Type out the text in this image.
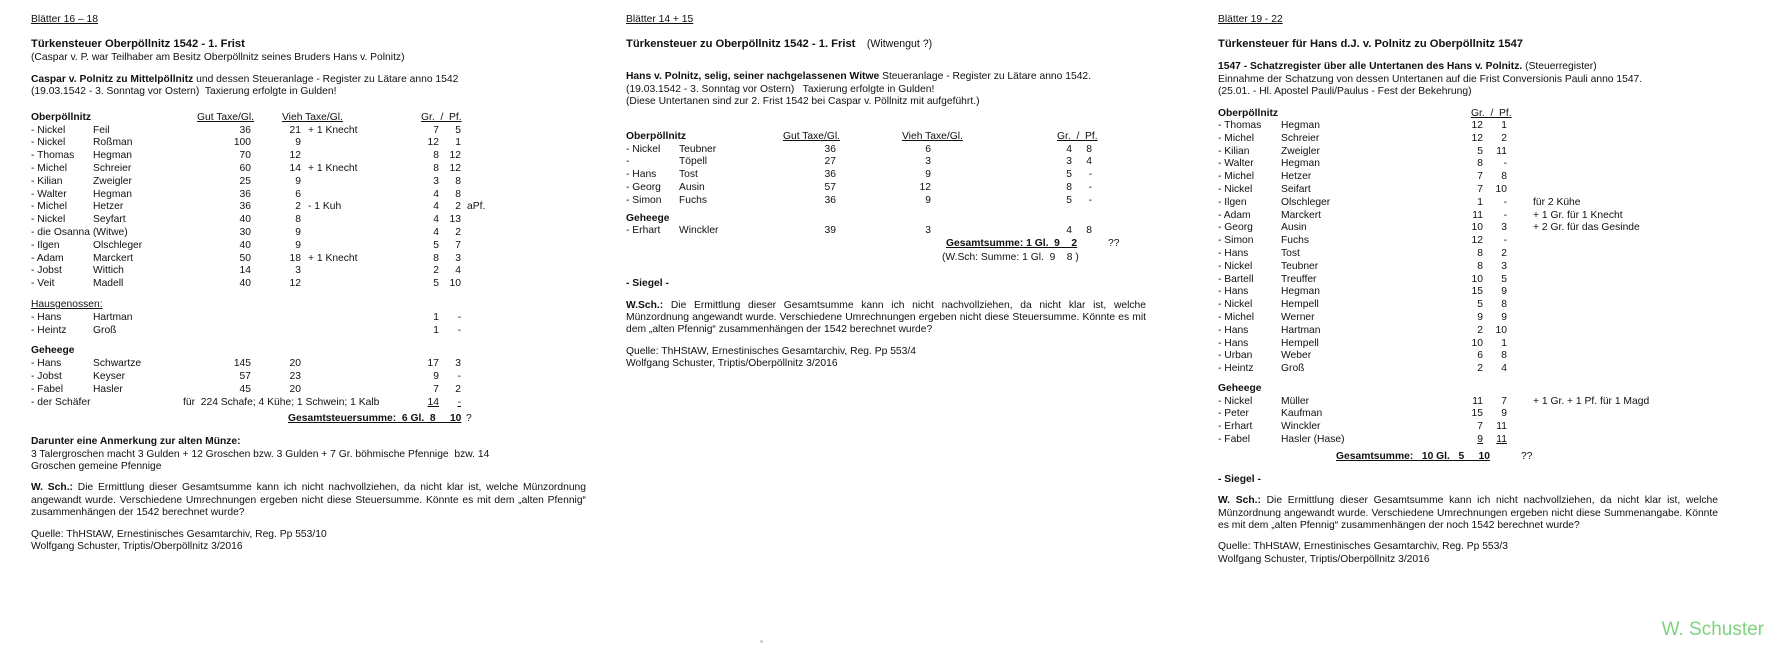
Blätter 16 – 18
Türkensteuer Oberpöllnitz 1542 - 1. Frist
(Caspar v. P. war Teilhaber am Besitz Oberpöllnitz seines Bruders Hans v. Polnitz)
Caspar v. Polnitz zu Mittelpöllnitz und dessen Steueranlage - Register zu Lätare anno 1542
(19.03.1542 - 3. Sonntag vor Ostern)  Taxierung erfolgte in Gulden!
Oberpöllnitz	Gut Taxe/Gl.	Vieh Taxe/Gl.	Gr.  /  Pf.
- Nickel	Feil	36	21 + 1 Knecht	7	5
- Nickel	Roßman	100	9	12	1
- Thomas Hegman	70	12	8	12
- Michel	Schreier	60	14 + 1 Knecht	8	12
- Kilian	Zweigler	25	9	3	8
- Walter	Hegman	36	6	4	8
- Michel	Hetzer	36	2 - 1 Kuh	4	2 aPf.
- Nickel	Seyfart	40	8	4	13
- die Osanna (Witwe)	30	9	4	2
- Ilgen	Olschleger	40	9	5	7
- Adam	Marckert	50	18 + 1 Knecht	8	3
- Jobst	Wittich	14	3	2	4
- Veit	Madell	40	12	5	10
Hausgenossen:
- Hans	Hartman	1	-
- Heintz	Groß	1	-
Geheege
- Hans	Schwartze	145	20	17	3
- Jobst	Keyser	57	23	9	-
- Fabel	Hasler	45	20	7	2
- der Schäfer	für  224 Schafe; 4 Kühe; 1 Schwein; 1 Kalb	14	-
Gesamtsteuersumme:  6 Gl.  8     10 ?
Darunter eine Anmerkung zur alten Münze:
3 Talergroschen macht 3 Gulden + 12 Groschen bzw. 3 Gulden + 7 Gr. böhmische Pfennige  bzw. 14
Groschen gemeine Pfennige
W. Sch.: Die Ermittlung dieser Gesamtsumme kann ich nicht nachvollziehen, da nicht klar ist, welche Münzordnung angewandt wurde. Verschiedene Umrechnungen ergeben nicht diese Steuersumme. Könnte es mit dem „alten Pfennig“ zusammenhängen der 1542 berechnet wurde?
Quelle: ThHStAW, Ernestinisches Gesamtarchiv, Reg. Pp 553/10
Wolfgang Schuster, Triptis/Oberpöllnitz 3/2016
Blätter 14 + 15
Türkensteuer zu Oberpöllnitz 1542 - 1. Frist (Witwengut ?)
Hans v. Polnitz, selig, seiner nachgelassenen Witwe Steueranlage - Register zu Lätare anno 1542.
(19.03.1542 - 3. Sonntag vor Ostern)   Taxierung erfolgte in Gulden!
(Diese Untertanen sind zur 2. Frist 1542 bei Caspar v. Pöllnitz mit aufgeführt.)
Oberpöllnitz	Gut Taxe/Gl.	Vieh Taxe/Gl.	Gr.  /  Pf.
- Nickel Teubner	36	6	4	8
-	Töpell	27	3	3	4
- Hans Tost	36	9	5	-
- Georg Ausin	57	12	8	-
- Simon Fuchs	36	9	5	-
Geheege
- Erhart Winckler	39	3	4	8
Gesamtsumme: 1 Gl.  9    2	??
(W.Sch: Summe: 1 Gl.  9    8 )
- Siegel -
W.Sch.: Die Ermittlung dieser Gesamtsumme kann ich nicht nachvollziehen, da nicht klar ist, welche Münzordnung angewandt wurde. Verschiedene Umrechnungen ergeben nicht diese Steuersumme. Könnte es mit dem „alten Pfennig“ zusammenhängen der 1542 berechnet wurde?
Quelle: ThHStAW, Ernestinisches Gesamtarchiv, Reg. Pp 553/4
Wolfgang Schuster, Triptis/Oberpöllnitz 3/2016
Blätter 19 - 22
Türkensteuer für Hans d.J. v. Polnitz zu Oberpöllnitz 1547
1547 - Schatzregister über alle Untertanen des Hans v. Polnitz. (Steuerregister)
Einnahme der Schatzung von dessen Untertanen auf die Frist Conversionis Pauli anno 1547.
(25.01. - Hl. Apostel Pauli/Paulus - Fest der Bekehrung)
Oberpöllnitz	Gr.  /  Pf.
- Thomas Hegman	12	1
- Michel	Schreier	12	2
- Kilian	Zweigler	5	11
- Walter	Hegman	8	-
- Michel	Hetzer	7	8
- Nickel	Seifart	7	10
- Ilgen	Olschleger	1	-	für 2 Kühe
- Adam	Marckert	11	-	+ 1 Gr. für 1 Knecht
- Georg	Ausin	10	3	+ 2 Gr. für das Gesinde
- Simon	Fuchs	12	-
- Hans	Tost	8	2
- Nickel	Teubner	8	3
- Bartell	Treuffer	10	5
- Hans	Hegman	15	9
- Nickel	Hempell	5	8
- Michel	Werner	9	9
- Hans	Hartman	2	10
- Hans	Hempell	10	1
- Urban	Weber	6	8
- Heintz	Groß	2	4
Geheege
- Nickel	Müller	11	7	+ 1 Gr. + 1 Pf. für 1 Magd
- Peter	Kaufman	15	9
- Erhart	Winckler	7	11
- Fabel	Hasler (Hase)	9	11
Gesamtsumme:   10 Gl.   5     10	??
- Siegel -
W. Sch.: Die Ermittlung dieser Gesamtsumme kann ich nicht nachvollziehen, da nicht klar ist, welche Münzordnung angewandt wurde. Verschiedene Umrechnungen ergeben nicht diese Summenangabe. Könnte es mit dem „alten Pfennig“ zusammenhängen der noch 1542 berechnet wurde?
Quelle: ThHStAW, Ernestinisches Gesamtarchiv, Reg. Pp 553/3
Wolfgang Schuster, Triptis/Oberpöllnitz 3/2016
W. Schuster
